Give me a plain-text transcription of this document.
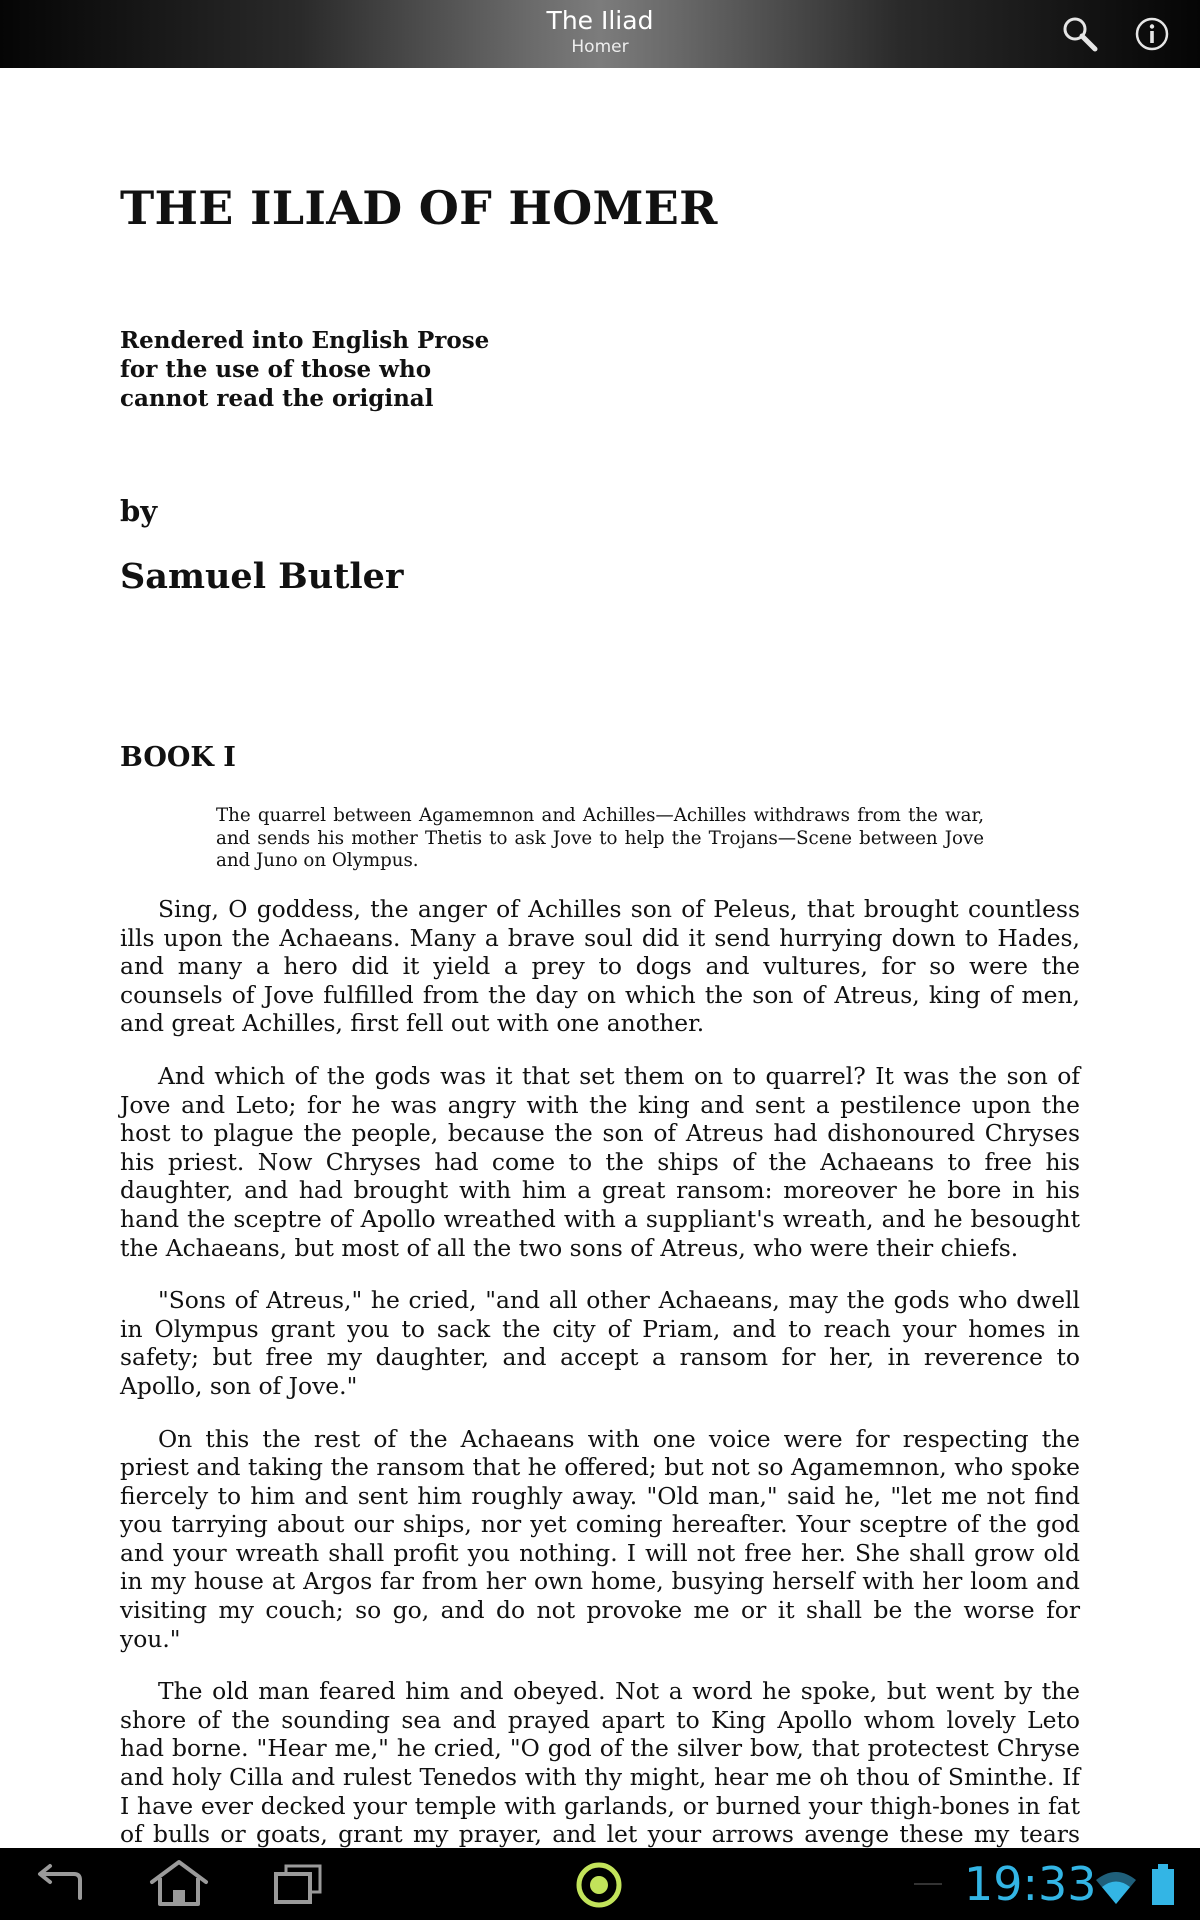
The Iliad
Homer
THE ILIAD OF HOMER
Rendered into English Prose for the use of those who cannot read the original
by
Samuel Butler
BOOK I
The quarrel between Agamemnon and Achilles—Achilles withdraws from the war, and sends his mother Thetis to ask Jove to help the Trojans—Scene between Jove and Juno on Olympus.

Sing, O goddess, the anger of Achilles son of Peleus, that brought countless ills upon the Achaeans. Many a brave soul did it send hurrying down to Hades, and many a hero did it yield a prey to dogs and vultures, for so were the counsels of Jove fulfilled from the day on which the son of Atreus, king of men, and great Achilles, first fell out with one another.

And which of the gods was it that set them on to quarrel? It was the son of Jove and Leto; for he was angry with the king and sent a pestilence upon the host to plague the people, because the son of Atreus had dishonoured Chryses his priest. Now Chryses had come to the ships of the Achaeans to free his daughter, and had brought with him a great ransom: moreover he bore in his hand the sceptre of Apollo wreathed with a suppliant's wreath, and he besought the Achaeans, but most of all the two sons of Atreus, who were their chiefs.

"Sons of Atreus," he cried, "and all other Achaeans, may the gods who dwell in Olympus grant you to sack the city of Priam, and to reach your homes in safety; but free my daughter, and accept a ransom for her, in reverence to Apollo, son of Jove."

On this the rest of the Achaeans with one voice were for respecting the priest and taking the ransom that he offered; but not so Agamemnon, who spoke fiercely to him and sent him roughly away. "Old man," said he, "let me not find you tarrying about our ships, nor yet coming hereafter. Your sceptre of the god and your wreath shall profit you nothing. I will not free her. She shall grow old in my house at Argos far from her own home, busying herself with her loom and visiting my couch; so go, and do not provoke me or it shall be the worse for you."

The old man feared him and obeyed. Not a word he spoke, but went by the shore of the sounding sea and prayed apart to King Apollo whom lovely Leto had borne. "Hear me," he cried, "O god of the silver bow, that protectest Chryse and holy Cilla and rulest Tenedos with thy might, hear me oh thou of Sminthe. If I have ever decked your temple with garlands, or burned your thigh-bones in fat of bulls or goats, grant my prayer, and let your arrows avenge these my tears

19:33
